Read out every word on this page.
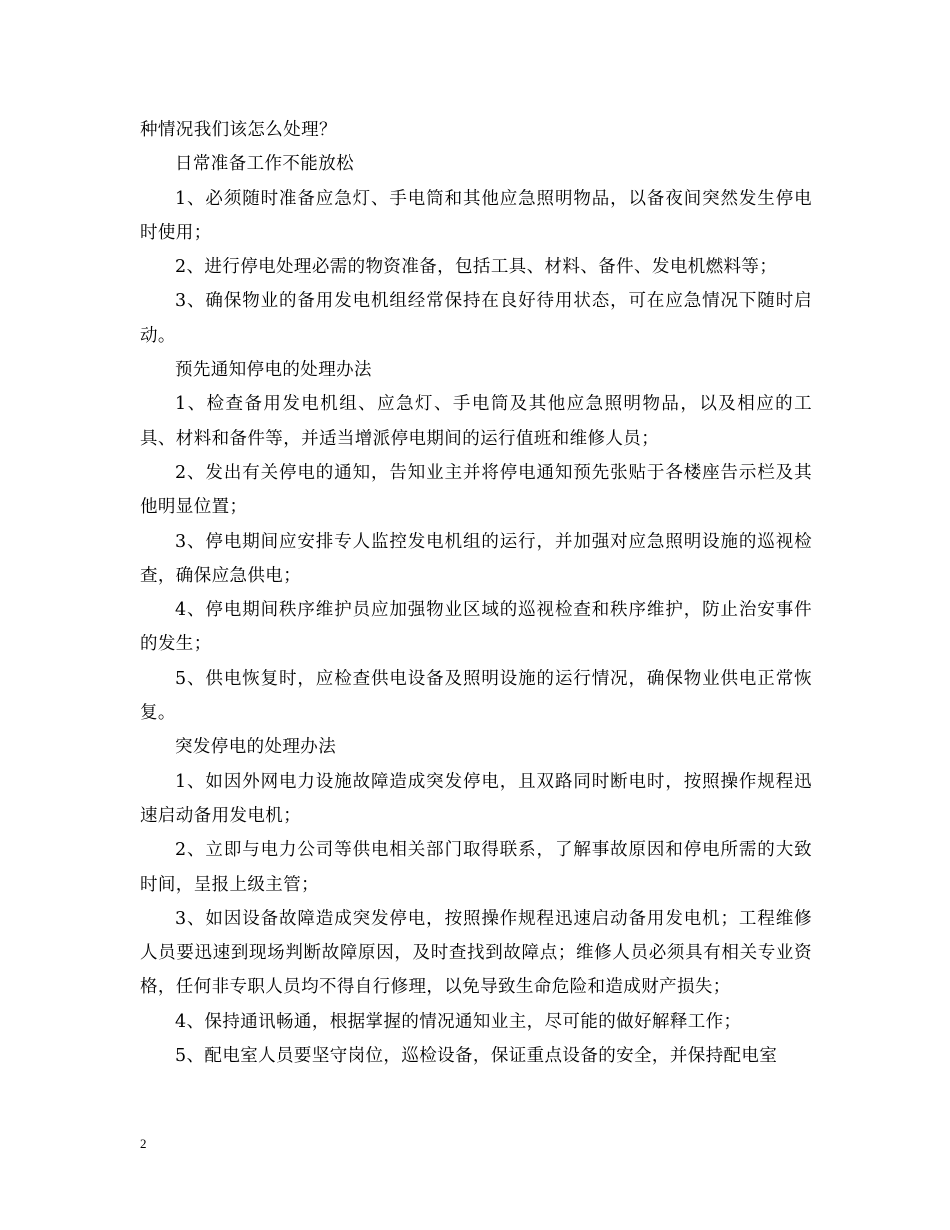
种情况我们该怎么处理？

日常准备工作不能放松

1、必须随时准备应急灯、手电筒和其他应急照明物品，以备夜间突然发生停电时使用；

2、进行停电处理必需的物资准备，包括工具、材料、备件、发电机燃料等；

3、确保物业的备用发电机组经常保持在良好待用状态，可在应急情况下随时启动。

预先通知停电的处理办法

1、检查备用发电机组、应急灯、手电筒及其他应急照明物品，以及相应的工具、材料和备件等，并适当增派停电期间的运行值班和维修人员；

2、发出有关停电的通知，告知业主并将停电通知预先张贴于各楼座告示栏及其他明显位置；

3、停电期间应安排专人监控发电机组的运行，并加强对应急照明设施的巡视检查，确保应急供电；

4、停电期间秩序维护员应加强物业区域的巡视检查和秩序维护，防止治安事件的发生；

5、供电恢复时，应检查供电设备及照明设施的运行情况，确保物业供电正常恢复。

突发停电的处理办法

1、如因外网电力设施故障造成突发停电，且双路同时断电时，按照操作规程迅速启动备用发电机；

2、立即与电力公司等供电相关部门取得联系，了解事故原因和停电所需的大致时间，呈报上级主管；

3、如因设备故障造成突发停电，按照操作规程迅速启动备用发电机；工程维修人员要迅速到现场判断故障原因，及时查找到故障点；维修人员必须具有相关专业资格，任何非专职人员均不得自行修理，以免导致生命危险和造成财产损失；

4、保持通讯畅通，根据掌握的情况通知业主，尽可能的做好解释工作；

5、配电室人员要坚守岗位，巡检设备，保证重点设备的安全，并保持配电室

2
